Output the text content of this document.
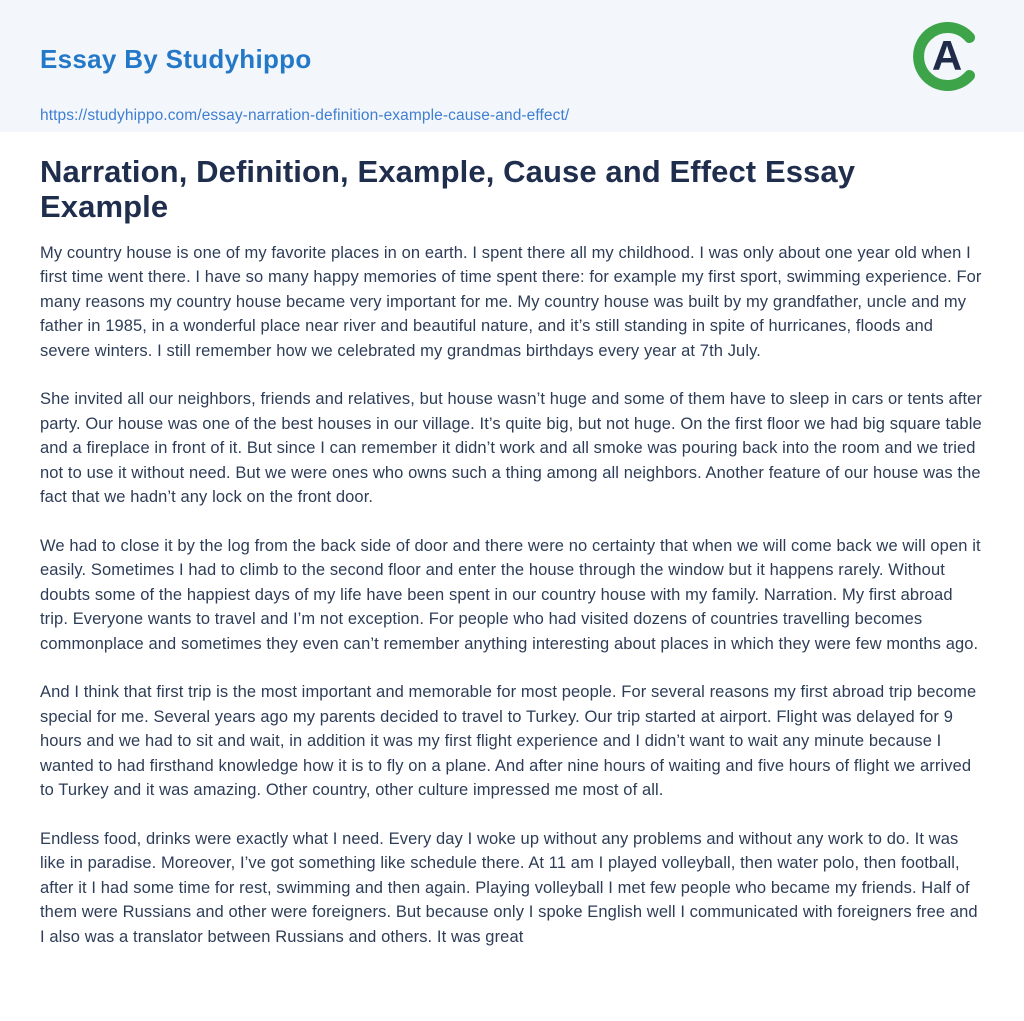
Essay By Studyhippo

https://studyhippo.com/essay-narration-definition-example-cause-and-effect/
A
Narration, Definition, Example, Cause and Effect Essay Example

My country house is one of my favorite places in on earth. I spent there all my childhood. I was only about one year old when I first time went there. I have so many happy memories of time spent there: for example my first sport, swimming experience. For many reasons my country house became very important for me. My country house was built by my grandfather, uncle and my father in 1985, in a wonderful place near river and beautiful nature, and it’s still standing in spite of hurricanes, floods and severe winters. I still remember how we celebrated my grandmas birthdays every year at 7th July.

She invited all our neighbors, friends and relatives, but house wasn’t huge and some of them have to sleep in cars or tents after party. Our house was one of the best houses in our village. It’s quite big, but not huge. On the first floor we had big square table and a fireplace in front of it. But since I can remember it didn’t work and all smoke was pouring back into the room and we tried not to use it without need. But we were ones who owns such a thing among all neighbors. Another feature of our house was the fact that we hadn’t any lock on the front door.

We had to close it by the log from the back side of door and there were no certainty that when we will come back we will open it easily. Sometimes I had to climb to the second floor and enter the house through the window but it happens rarely. Without doubts some of the happiest days of my life have been spent in our country house with my family. Narration. My first abroad trip. Everyone wants to travel and I’m not exception. For people who had visited dozens of countries travelling becomes commonplace and sometimes they even can’t remember anything interesting about places in which they were few months ago.

And I think that first trip is the most important and memorable for most people. For several reasons my first abroad trip become special for me. Several years ago my parents decided to travel to Turkey. Our trip started at airport. Flight was delayed for 9 hours and we had to sit and wait, in addition it was my first flight experience and I didn’t want to wait any minute because I wanted to had firsthand knowledge how it is to fly on a plane. And after nine hours of waiting and five hours of flight we arrived to Turkey and it was amazing. Other country, other culture impressed me most of all.

Endless food, drinks were exactly what I need. Every day I woke up without any problems and without any work to do. It was like in paradise. Moreover, I’ve got something like schedule there. At 11 am I played volleyball, then water polo, then football, after it I had some time for rest, swimming and then again. Playing volleyball I met few people who became my friends. Half of them were Russians and other were foreigners. But because only I spoke English well I communicated with foreigners free and I also was a translator between Russians and others. It was great
